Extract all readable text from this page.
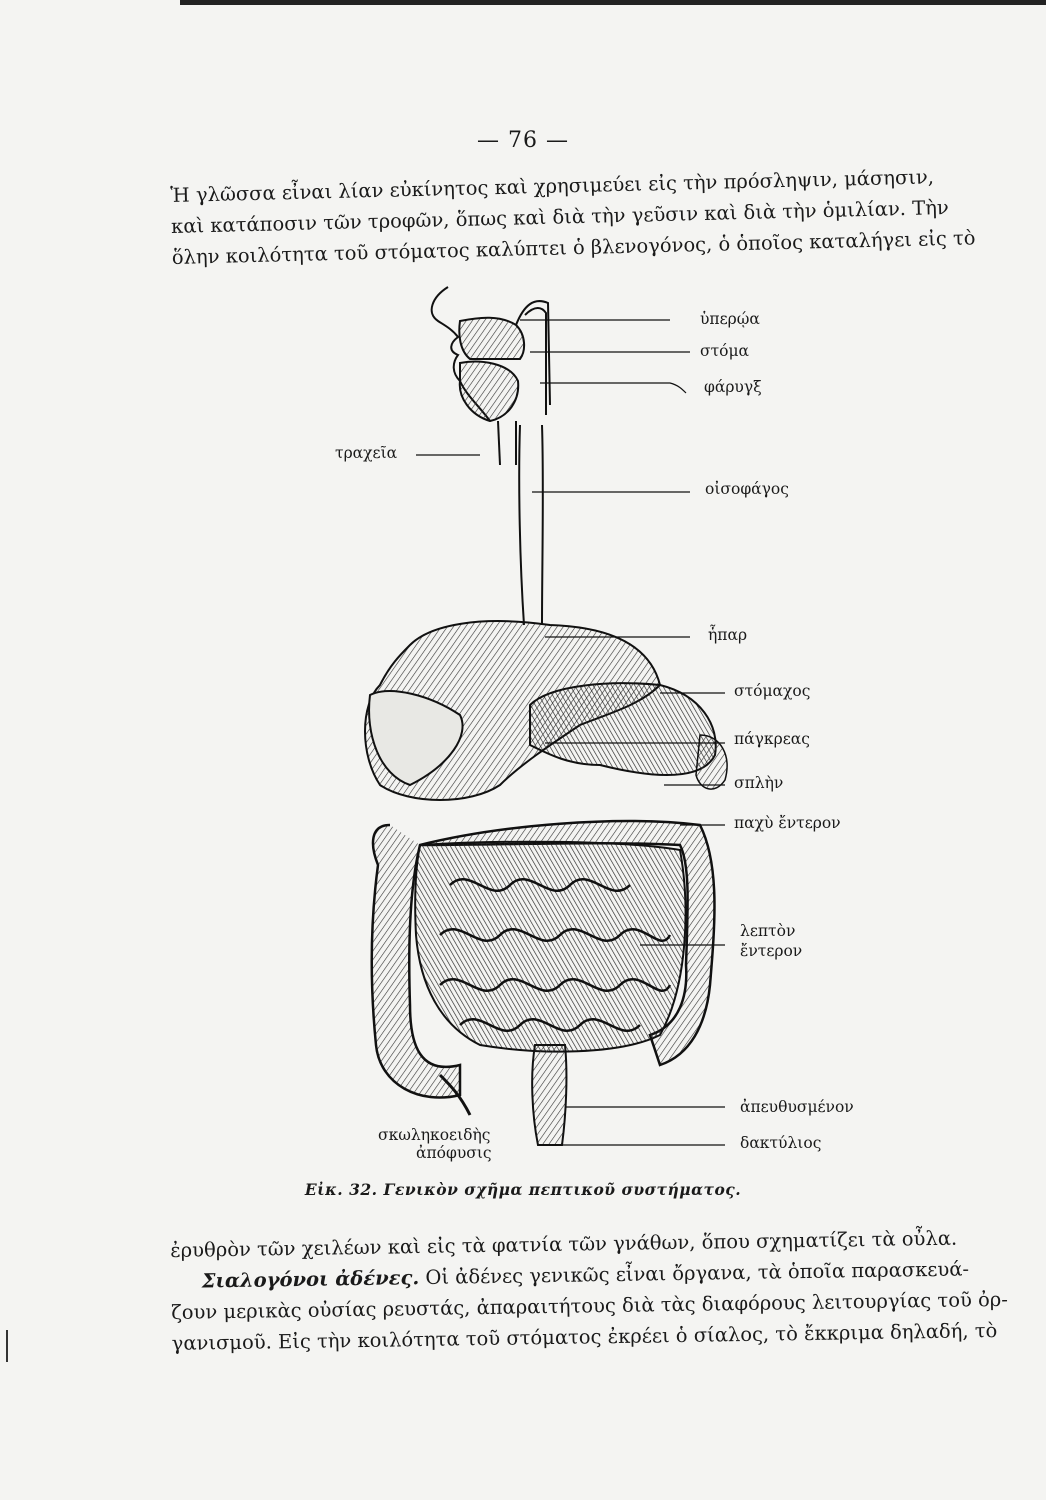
— 76 —
Ἡ γλῶσσα εἶναι λίαν εὐκίνητος καὶ χρησιμεύει εἰς τὴν πρόσληψιν, μάσησιν,
καὶ κατάποσιν τῶν τροφῶν, ὅπως καὶ διὰ τὴν γεῦσιν καὶ διὰ τὴν ὁμιλίαν. Τὴν
ὅλην κοιλότητα τοῦ στόματος καλύπτει ὁ βλενογόνος, ὁ ὁποῖος καταλήγει εἰς τὸ
ὑπερῴα
στόμα
φάρυγξ
τραχεῖα
οἰσοφάγος
ἧπαρ
στόμαχος
πάγκρεας
σπλὴν
παχὺ ἔντερον
λεπτὸν
ἔντερον
ἀπευθυσμένον
δακτύλιος
σκωληκοειδὴς
ἀπόφυσις
Εἰκ. 32. Γενικὸν σχῆμα πεπτικοῦ συστήματος.
ἐρυθρὸν τῶν χειλέων καὶ εἰς τὰ φατνία τῶν γνάθων, ὅπου σχηματίζει τὰ οὖλα.
Σιαλογόνοι ἀδένες. Οἱ ἀδένες γενικῶς εἶναι ὄργανα, τὰ ὁποῖα παρασκευά-
ζουν μερικὰς οὐσίας ρευστάς, ἀπαραιτήτους διὰ τὰς διαφόρους λειτουργίας τοῦ ὀρ-
γανισμοῦ. Εἰς τὴν κοιλότητα τοῦ στόματος ἐκρέει ὁ σίαλος, τὸ ἔκκριμα δηλαδή, τὸ
